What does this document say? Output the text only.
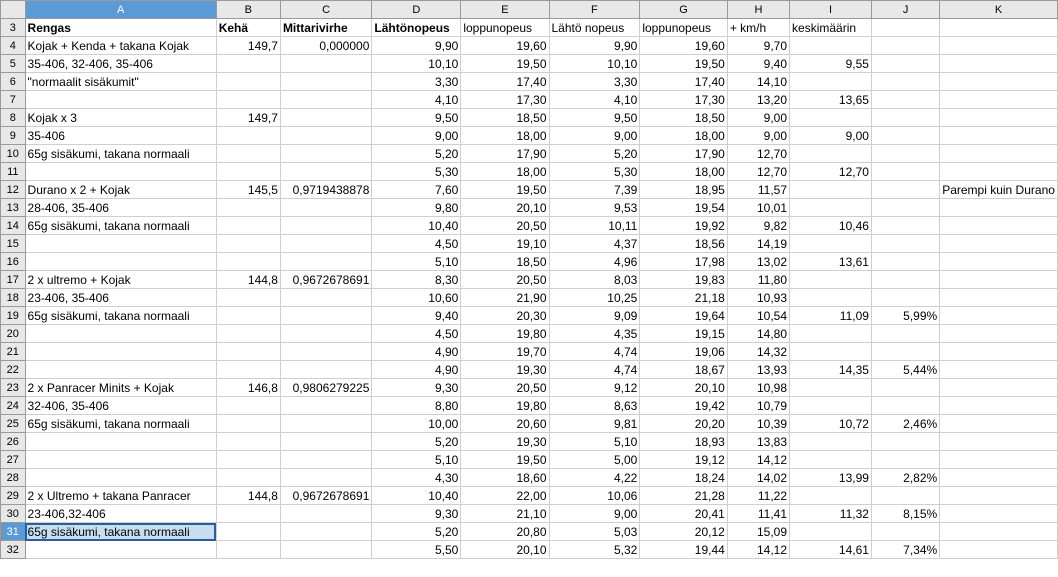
	A	B	C	D	E	F	G	H	I	J	K
3	Rengas	Kehä	Mittarivirhe	Lähtönopeus	loppunopeus	Lähtö nopeus	loppunopeus	+ km/h	keskimäärin		
4	Kojak + Kenda + takana Kojak	149,7	0,000000	9,90	19,60	9,90	19,60	9,70			
5	35-406, 32-406, 35-406			10,10	19,50	10,10	19,50	9,40	9,55		
6	"normaalit sisäkumit"			3,30	17,40	3,30	17,40	14,10			
7				4,10	17,30	4,10	17,30	13,20	13,65		
8	Kojak x 3	149,7		9,50	18,50	9,50	18,50	9,00			
9	35-406			9,00	18,00	9,00	18,00	9,00	9,00		
10	65g sisäkumi, takana normaali			5,20	17,90	5,20	17,90	12,70			
11				5,30	18,00	5,30	18,00	12,70	12,70		
12	Durano x 2 + Kojak	145,5	0,9719438878	7,60	19,50	7,39	18,95	11,57			Parempi kuin Durano
13	28-406, 35-406			9,80	20,10	9,53	19,54	10,01			
14	65g sisäkumi, takana normaali			10,40	20,50	10,11	19,92	9,82	10,46		
15				4,50	19,10	4,37	18,56	14,19			
16				5,10	18,50	4,96	17,98	13,02	13,61		
17	2 x ultremo + Kojak	144,8	0,9672678691	8,30	20,50	8,03	19,83	11,80			
18	23-406, 35-406			10,60	21,90	10,25	21,18	10,93			
19	65g sisäkumi, takana normaali			9,40	20,30	9,09	19,64	10,54	11,09	5,99%	
20				4,50	19,80	4,35	19,15	14,80			
21				4,90	19,70	4,74	19,06	14,32			
22				4,90	19,30	4,74	18,67	13,93	14,35	5,44%	
23	2 x Panracer Minits + Kojak	146,8	0,9806279225	9,30	20,50	9,12	20,10	10,98			
24	32-406, 35-406			8,80	19,80	8,63	19,42	10,79			
25	65g sisäkumi, takana normaali			10,00	20,60	9,81	20,20	10,39	10,72	2,46%	
26				5,20	19,30	5,10	18,93	13,83			
27				5,10	19,50	5,00	19,12	14,12			
28				4,30	18,60	4,22	18,24	14,02	13,99	2,82%	
29	2 x Ultremo + takana Panracer	144,8	0,9672678691	10,40	22,00	10,06	21,28	11,22			
30	23-406,32-406			9,30	21,10	9,00	20,41	11,41	11,32	8,15%	
31	65g sisäkumi, takana normaali			5,20	20,80	5,03	20,12	15,09			
32				5,50	20,10	5,32	19,44	14,12	14,61	7,34%	
